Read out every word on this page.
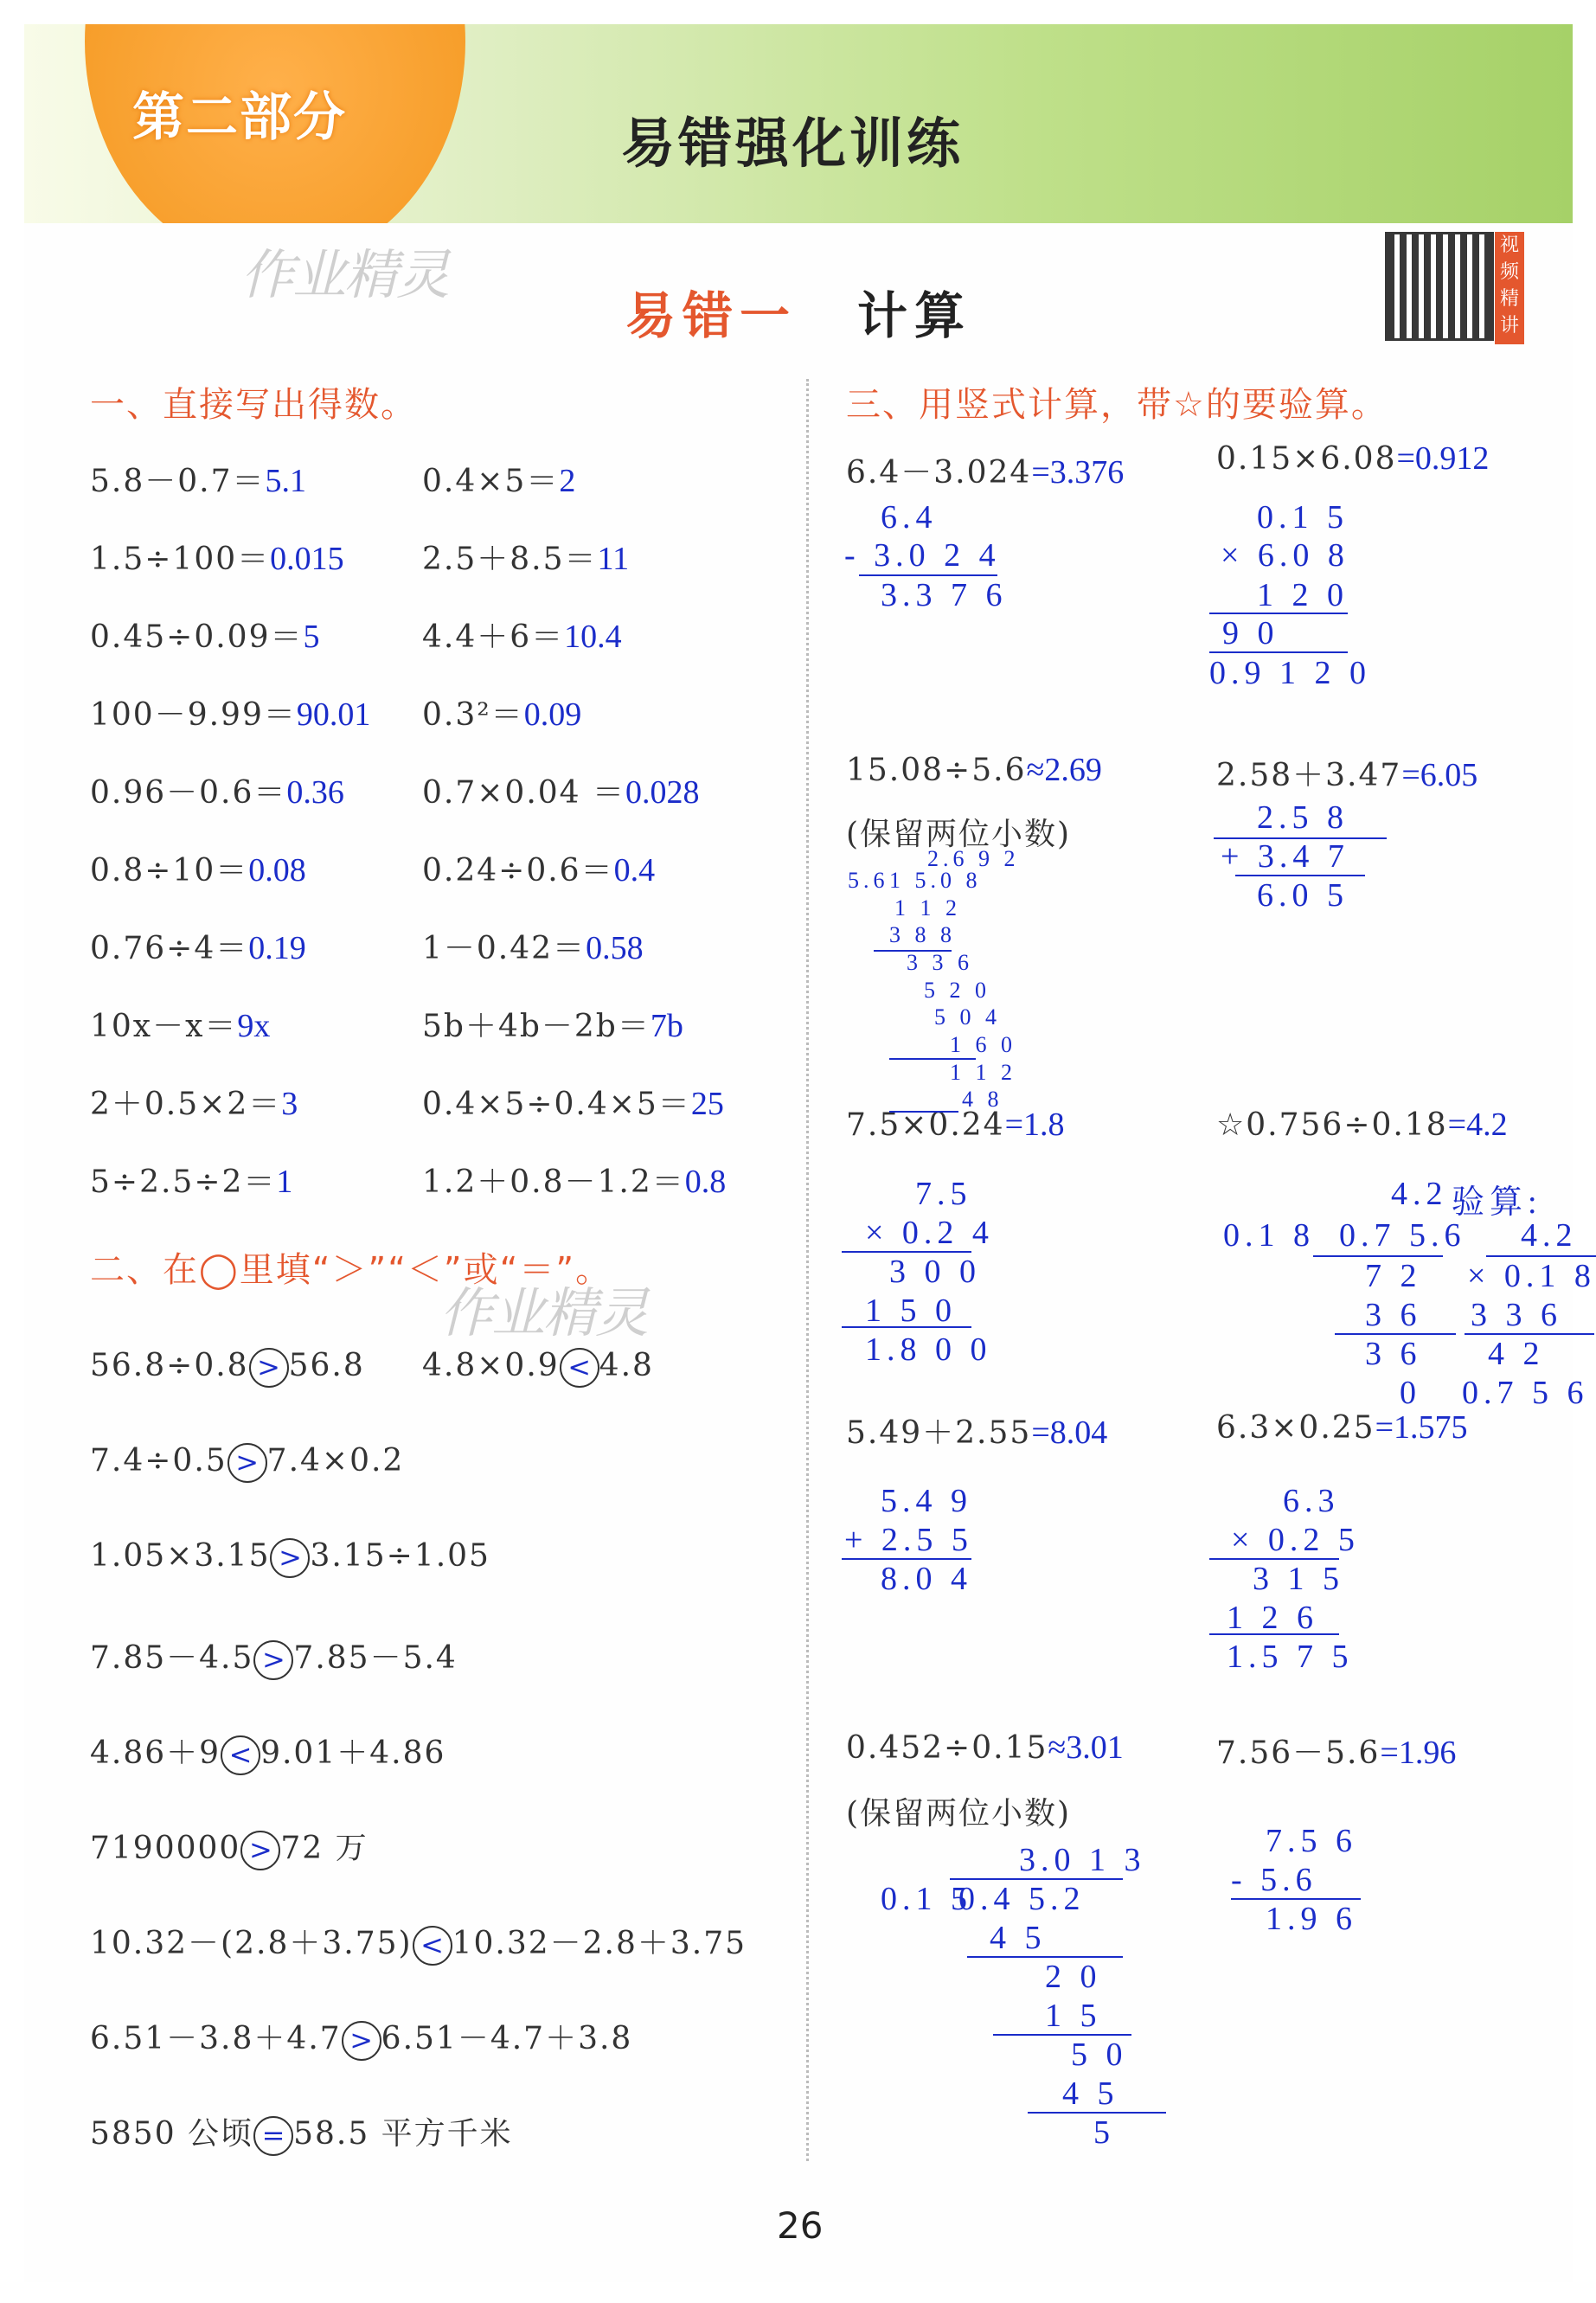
第二部分	易错强化训练
作业精灵
易错一 计算
视频精讲
一、直接写出得数。
5.8－0.7＝5.1	0.4×5＝2
1.5÷100＝0.015	2.5＋8.5＝11
0.45÷0.09＝5	4.4＋6＝10.4
100－9.99＝90.01 0.3²＝0.09
0.96－0.6＝0.36	0.7×0.04 ＝0.028
0.8÷10＝0.08	0.24÷0.6＝0.4
0.76÷4＝0.19	1－0.42＝0.58
10x－x＝9x	5b＋4b－2b＝7b
2＋0.5×2＝3	0.4×5÷0.4×5＝25
5÷2.5÷2＝1	1.2＋0.8－1.2＝0.8
二、在◯里填“＞”“＜”或“＝”。
作业精灵
56.8÷0.8 > 56.8 4.8×0.9 < 4.8
7.4÷0.5 > 7.4×0.2
1.05×3.15 > 3.15÷1.05
7.85－4.5 > 7.85－5.4
4.86＋9 < 9.01＋4.86
7190000 > 72 万
10.32－(2.8＋3.75) < 10.32－2.8＋3.75
6.51－3.8＋4.7 > 6.51－4.7＋3.8
5850 公顷 = 58.5 平方千米
三、用竖式计算，带☆的要验算。
6.4－3.024=3.376	0.15×6.08=0.912
15.08÷5.6≈2.69	2.58＋3.47=6.05
7.5×0.24=1.8	☆0.756÷0.18=4.2
5.49＋2.55=8.04	6.3×0.25=1.575
0.452÷0.15≈3.01	7.56－5.6=1.96
(保留两位小数)
(保留两位小数)
验算:
6.4
- 3.0 2 4
3.3 7 6
0.1 5
× 6.0 8
1 2 0
9 0
0.9 1 2 0
2.6 9 2
5.6 1 5.0 8
1 1 2
3 8 8
3 3 6
5 2 0
5 0 4
1 6 0
1 1 2
4 8
2.5 8
+ 3.4 7
6.0 5
7.5
× 0.2 4
3 0 0
1 5 0
1.8 0 0
4.2
0.1 8 0.7 5.6
7 2
3 6
3 6
0
4.2
× 0.1 8
3 3 6
4 2
0.7 5 6
5.4 9
+ 2.5 5
8.0 4
6.3
× 0.2 5
3 1 5
1 2 6
1.5 7 5
3.0 1 3
0.1 5
0.4 5.2
4 5
2 0
1 5
5 0
4 5
5
7.5 6
- 5.6
1.9 6
26
